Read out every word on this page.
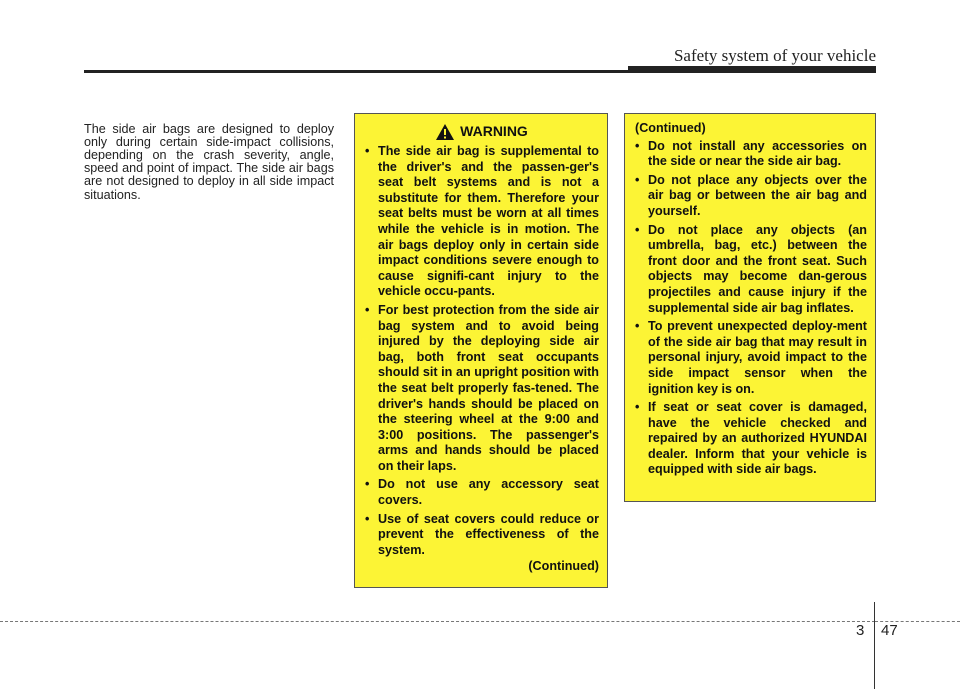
Safety system of your vehicle

The side air bags are designed to deploy only during certain side-impact collisions, depending on the crash severity, angle, speed and point of impact. The side air bags are not designed to deploy in all side impact situations.

WARNING
• The side air bag is supplemental to the driver's and the passen-ger's seat belt systems and is not a substitute for them. Therefore your seat belts must be worn at all times while the vehicle is in motion. The air bags deploy only in certain side impact conditions severe enough to cause signifi-cant injury to the vehicle occu-pants.
• For best protection from the side air bag system and to avoid being injured by the deploying side air bag, both front seat occupants should sit in an upright position with the seat belt properly fas-tened. The driver's hands should be placed on the steering wheel at the 9:00 and 3:00 positions. The passenger's arms and hands should be placed on their laps.
• Do not use any accessory seat covers.
• Use of seat covers could reduce or prevent the effectiveness of the system.
(Continued)
(Continued)
• Do not install any accessories on the side or near the side air bag.
• Do not place any objects over the air bag or between the air bag and yourself.
• Do not place any objects (an umbrella, bag, etc.) between the front door and the front seat. Such objects may become dan-gerous projectiles and cause injury if the supplemental side air bag inflates.
• To prevent unexpected deploy-ment of the side air bag that may result in personal injury, avoid impact to the side impact sensor when the ignition key is on.
• If seat or seat cover is damaged, have the vehicle checked and repaired by an authorized HYUNDAI dealer. Inform that your vehicle is equipped with side air bags.
3 47
